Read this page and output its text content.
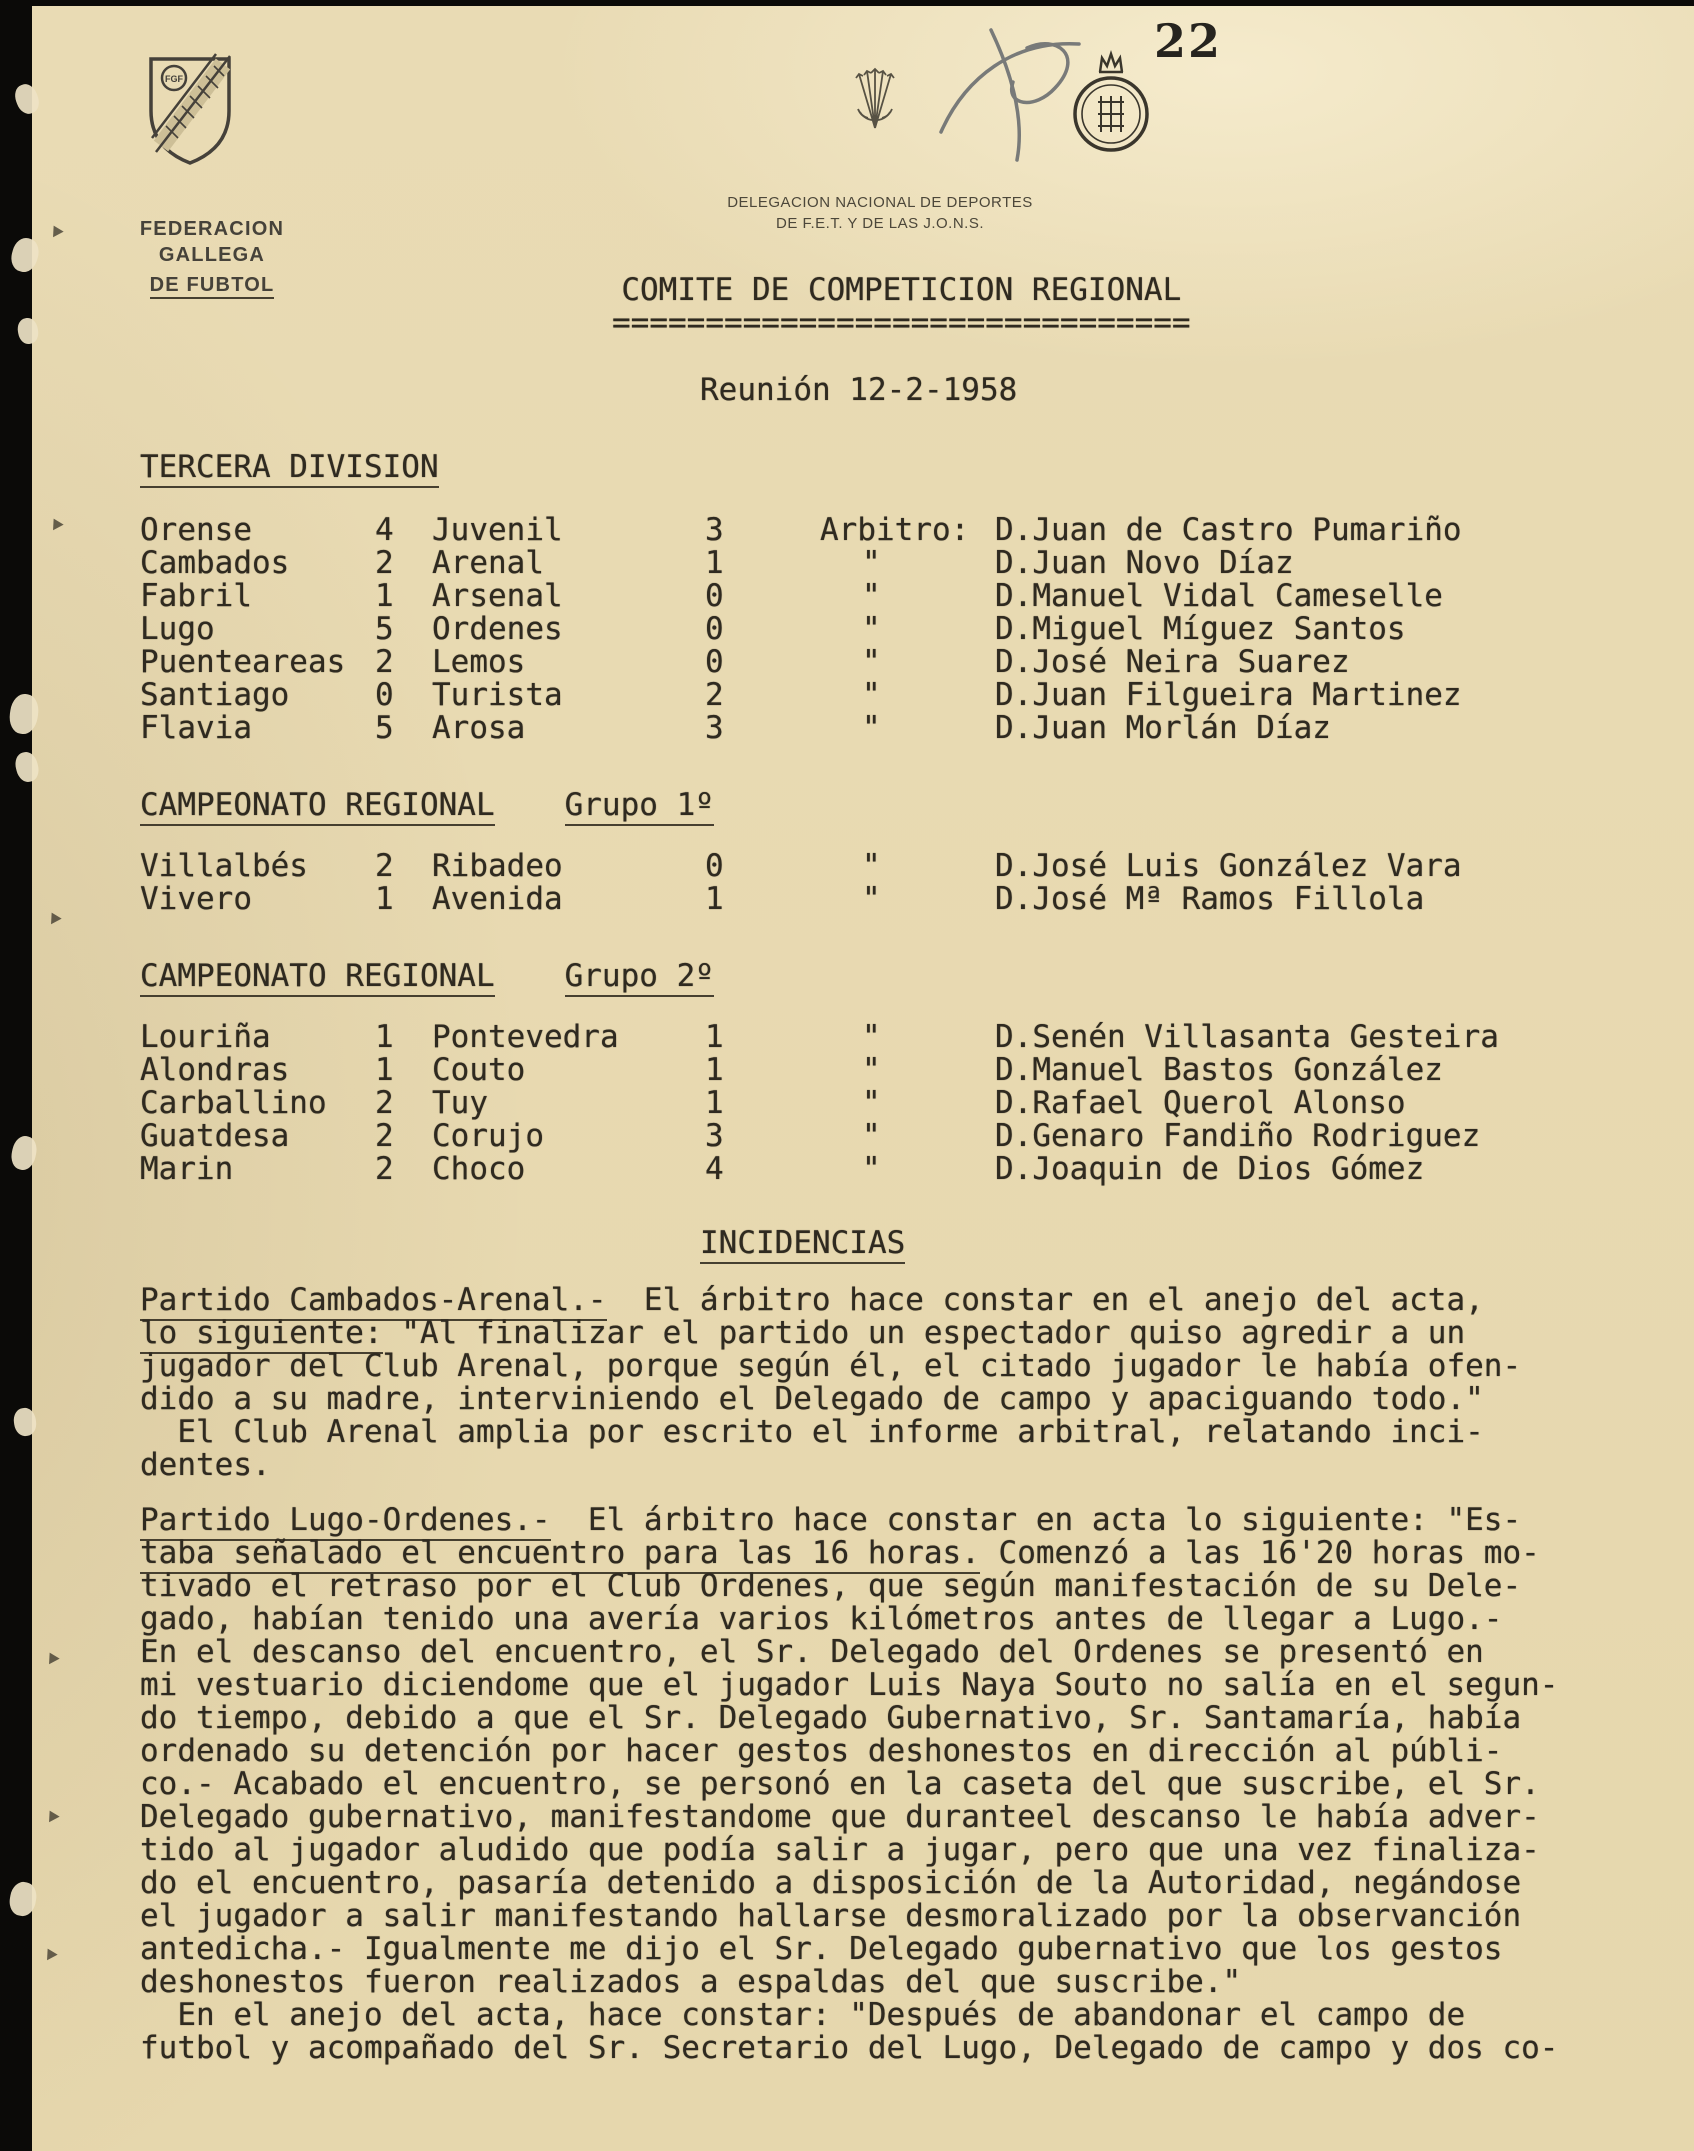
FGF
FEDERACION GALLEGA
DE FUBTOL
DELEGACION NACIONAL DE DEPORTES
DE F.E.T. Y DE LAS J.O.N.S.
22
COMITE DE COMPETICION REGIONAL
===============================
Reunión 12-2-1958
TERCERA DIVISION
Orense	4	Juvenil	3	Arbitro: D.Juan de Castro Pumariño
Cambados	2	Arenal	1	"	D.Juan Novo Díaz
Fabril	1	Arsenal	0	"	D.Manuel Vidal Cameselle
Lugo	5	Ordenes	0	"	D.Miguel Míguez Santos
Puenteareas 2	Lemos	0	"	D.José Neira Suarez
Santiago	0	Turista	2	"	D.Juan Filgueira Martinez
Flavia	5	Arosa	3	"	D.Juan Morlán Díaz
CAMPEONATO REGIONAL Grupo 1º
Villalbés	2	Ribadeo	0	"	D.José Luis González Vara
Vivero	1	Avenida	1	"	D.José Mª Ramos Fillola
CAMPEONATO REGIONAL Grupo 2º
Louriña	1	Pontevedra	1	"	D.Senén Villasanta Gesteira
Alondras	1	Couto	1	"	D.Manuel Bastos González
Carballino	2	Tuy	1	"	D.Rafael Querol Alonso
Guatdesa	2	Corujo	3	"	D.Genaro Fandiño Rodriguez
Marin	2	Choco	4	"	D.Joaquin de Dios Gómez
INCIDENCIAS
Partido Cambados-Arenal.-  El árbitro hace constar en el anejo del acta,
lo siguiente: "Al finalizar el partido un espectador quiso agredir a un
jugador del Club Arenal, porque según él, el citado jugador le había ofen-
dido a su madre, interviniendo el Delegado de campo y apaciguando todo."
El Club Arenal amplia por escrito el informe arbitral, relatando inci-
dentes.
Partido Lugo-Ordenes.-  El árbitro hace constar en acta lo siguiente: "Es-
taba señalado el encuentro para las 16 horas. Comenzó a las 16'20 horas mo-
tivado el retraso por el Club Ordenes, que según manifestación de su Dele-
gado, habían tenido una avería varios kilómetros antes de llegar a Lugo.-
En el descanso del encuentro, el Sr. Delegado del Ordenes se presentó en
mi vestuario diciendome que el jugador Luis Naya Souto no salía en el segun-
do tiempo, debido a que el Sr. Delegado Gubernativo, Sr. Santamaría, había
ordenado su detención por hacer gestos deshonestos en dirección al públi-
co.- Acabado el encuentro, se personó en la caseta del que suscribe, el Sr.
Delegado gubernativo, manifestandome que duranteel descanso le había adver-
tido al jugador aludido que podía salir a jugar, pero que una vez finaliza-
do el encuentro, pasaría detenido a disposición de la Autoridad, negándose
el jugador a salir manifestando hallarse desmoralizado por la observanción
antedicha.- Igualmente me dijo el Sr. Delegado gubernativo que los gestos
deshonestos fueron realizados a espaldas del que suscribe."
En el anejo del acta, hace constar: "Después de abandonar el campo de
futbol y acompañado del Sr. Secretario del Lugo, Delegado de campo y dos co-
